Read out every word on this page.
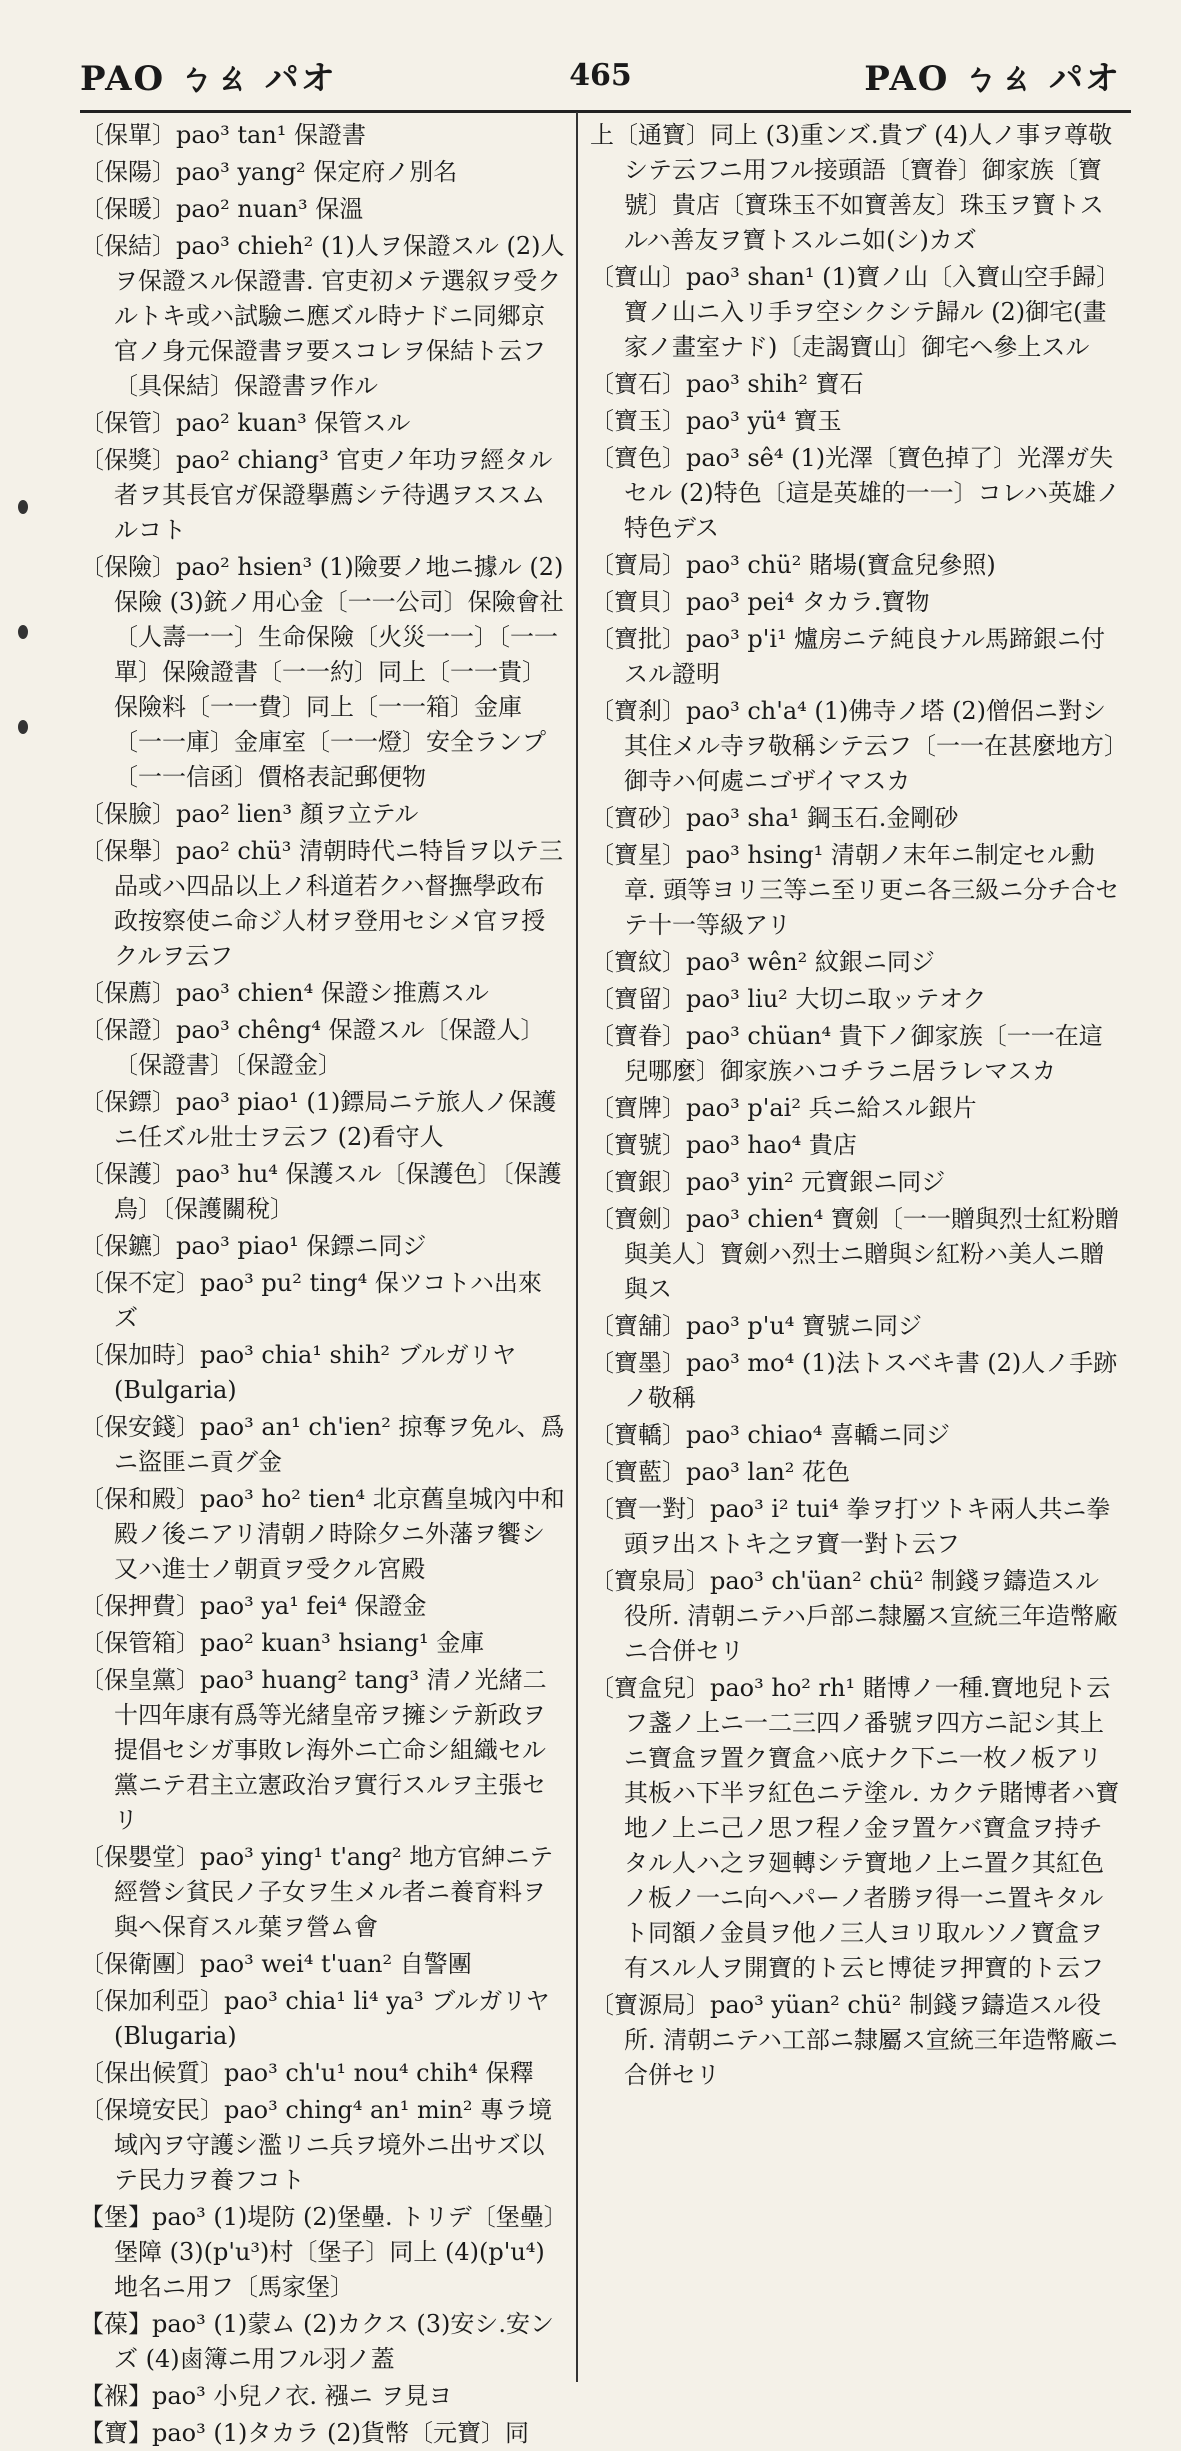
PAO ㄅㄠ パオ	465	PAO ㄅㄠ パオ
〔保單〕pao³ tan¹ 保證書
〔保陽〕pao³ yang² 保定府ノ別名
〔保暖〕pao² nuan³ 保溫
〔保結〕pao³ chieh² (1)人ヲ保證スル (2)人ヲ保證スル保證書. 官吏初メテ選叙ヲ受クルトキ或ハ試驗ニ應ズル時ナドニ同郷京官ノ身元保證書ヲ要スコレヲ保結ト云フ〔具保結〕保證書ヲ作ル
〔保管〕pao² kuan³ 保管スル
〔保獎〕pao² chiang³ 官吏ノ年功ヲ經タル者ヲ其長官ガ保證擧薦シテ待遇ヲススムルコト
〔保險〕pao² hsien³ (1)險要ノ地ニ據ル (2)保險 (3)銃ノ用心金〔一一公司〕保險會社〔人壽一一〕生命保險〔火災一一〕〔一一單〕保險證書〔一一約〕同上〔一一貴〕保險料〔一一費〕同上〔一一箱〕金庫〔一一庫〕金庫室〔一一燈〕安全ランプ〔一一信函〕價格表記郵便物
〔保臉〕pao² lien³ 顏ヲ立テル
〔保舉〕pao² chü³ 清朝時代ニ特旨ヲ以テ三品或ハ四品以上ノ科道若クハ督撫學政布政按察使ニ命ジ人材ヲ登用セシメ官ヲ授クルヲ云フ
〔保薦〕pao³ chien⁴ 保證シ推薦スル
〔保證〕pao³ chêng⁴ 保證スル〔保證人〕〔保證書〕〔保證金〕
〔保鏢〕pao³ piao¹ (1)鏢局ニテ旅人ノ保護ニ任ズル壯士ヲ云フ (2)看守人
〔保護〕pao³ hu⁴ 保護スル〔保護色〕〔保護鳥〕〔保護關稅〕
〔保鑣〕pao³ piao¹ 保鏢ニ同ジ
〔保不定〕pao³ pu² ting⁴ 保ツコトハ出來ズ
〔保加時〕pao³ chia¹ shih² ブルガリヤ (Bulgaria)
〔保安錢〕pao³ an¹ ch'ien² 掠奪ヲ免ル、爲ニ盜匪ニ貢グ金
〔保和殿〕pao³ ho² tien⁴ 北京舊皇城內中和殿ノ後ニアリ清朝ノ時除夕ニ外藩ヲ饗シ又ハ進士ノ朝貢ヲ受クル宮殿
〔保押費〕pao³ ya¹ fei⁴ 保證金
〔保管箱〕pao² kuan³ hsiang¹ 金庫
〔保皇黨〕pao³ huang² tang³ 清ノ光緒二十四年康有爲等光緒皇帝ヲ擁シテ新政ヲ提倡セシガ事敗レ海外ニ亡命シ組織セル黨ニテ君主立憲政治ヲ實行スルヲ主張セリ
〔保嬰堂〕pao³ ying¹ t'ang² 地方官紳ニテ經營シ貧民ノ子女ヲ生メル者ニ養育料ヲ與ヘ保育スル葉ヲ營ム會
〔保衛團〕pao³ wei⁴ t'uan² 自警團
〔保加利亞〕pao³ chia¹ li⁴ ya³ ブルガリヤ (Blugaria)
〔保出候質〕pao³ ch'u¹ nou⁴ chih⁴ 保釋
〔保境安民〕pao³ ching⁴ an¹ min² 專ラ境域內ヲ守護シ濫リニ兵ヲ境外ニ出サズ以テ民力ヲ養フコト
【堡】pao³ (1)堤防 (2)堡壘. トリデ〔堡壘〕堡障 (3)(p'u³)村〔堡子〕同上 (4)(p'u⁴)地名ニ用フ〔馬家堡〕
【葆】pao³ (1)蒙ム (2)カクス (3)安シ.安ンズ (4)鹵簿ニ用フル羽ノ蓋
【褓】pao³ 小兒ノ衣. 襁ニ ヲ見ヨ
【寶】pao³ (1)タカラ (2)貨幣〔元寶〕同
上〔通寶〕同上 (3)重ンズ.貴ブ (4)人ノ事ヲ尊敬シテ云フニ用フル接頭語〔寶眷〕御家族〔寶號〕貴店〔寶珠玉不如寶善友〕珠玉ヲ寶トスルハ善友ヲ寶トスルニ如(シ)カズ
〔寶山〕pao³ shan¹ (1)寶ノ山〔入寶山空手歸〕寶ノ山ニ入リ手ヲ空シクシテ歸ル (2)御宅(畫家ノ畫室ナド)〔走謁寶山〕御宅ヘ參上スル
〔寶石〕pao³ shih² 寶石
〔寶玉〕pao³ yü⁴ 寶玉
〔寶色〕pao³ sê⁴ (1)光澤〔寶色掉了〕光澤ガ失セル (2)特色〔這是英雄的一一〕コレハ英雄ノ特色デス
〔寶局〕pao³ chü² 賭場(寶盒兒參照)
〔寶貝〕pao³ pei⁴ タカラ.寶物
〔寶批〕pao³ p'i¹ 爐房ニテ純良ナル馬蹄銀ニ付スル證明
〔寶刹〕pao³ ch'a⁴ (1)佛寺ノ塔 (2)僧侶ニ對シ其住メル寺ヲ敬稱シテ云フ〔一一在甚麼地方〕御寺ハ何處ニゴザイマスカ
〔寶砂〕pao³ sha¹ 鋼玉石.金剛砂
〔寶星〕pao³ hsing¹ 清朝ノ末年ニ制定セル勳章. 頭等ヨリ三等ニ至リ更ニ各三級ニ分チ合セテ十一等級アリ
〔寶紋〕pao³ wên² 紋銀ニ同ジ
〔寶留〕pao³ liu² 大切ニ取ッテオク
〔寶眷〕pao³ chüan⁴ 貴下ノ御家族〔一一在這兒哪麼〕御家族ハコチラニ居ラレマスカ
〔寶牌〕pao³ p'ai² 兵ニ給スル銀片
〔寶號〕pao³ hao⁴ 貴店
〔寶銀〕pao³ yin² 元寶銀ニ同ジ
〔寶劍〕pao³ chien⁴ 寶劍〔一一贈與烈士紅粉贈與美人〕寶劍ハ烈士ニ贈與シ紅粉ハ美人ニ贈與ス
〔寶舖〕pao³ p'u⁴ 寶號ニ同ジ
〔寶墨〕pao³ mo⁴ (1)法トスベキ書 (2)人ノ手跡ノ敬稱
〔寶轎〕pao³ chiao⁴ 喜轎ニ同ジ
〔寶藍〕pao³ lan² 花色
〔寶一對〕pao³ i² tui⁴ 拳ヲ打ツトキ兩人共ニ拳頭ヲ出ストキ之ヲ寶一對ト云フ
〔寶泉局〕pao³ ch'üan² chü² 制錢ヲ鑄造スル役所. 清朝ニテハ戶部ニ隸屬ス宣統三年造幣廠ニ合併セリ
〔寶盒兒〕pao³ ho² rh¹ 賭博ノ一種.寶地兒ト云フ盞ノ上ニ一二三四ノ番號ヲ四方ニ記シ其上ニ寶盒ヲ置ク寶盒ハ底ナク下ニ一枚ノ板アリ其板ハ下半ヲ紅色ニテ塗ル. カクテ賭博者ハ寶地ノ上ニ己ノ思フ程ノ金ヲ置ケバ寶盒ヲ持チタル人ハ之ヲ廻轉シテ寶地ノ上ニ置ク其紅色ノ板ノ一ニ向ヘパーノ者勝ヲ得一ニ置キタルト同額ノ金員ヲ他ノ三人ヨリ取ルソノ寶盒ヲ有スル人ヲ開寶的ト云ヒ博徒ヲ押寶的ト云フ
〔寶源局〕pao³ yüan² chü² 制錢ヲ鑄造スル役所. 清朝ニテハ工部ニ隸屬ス宣統三年造幣廠ニ合併セリ
